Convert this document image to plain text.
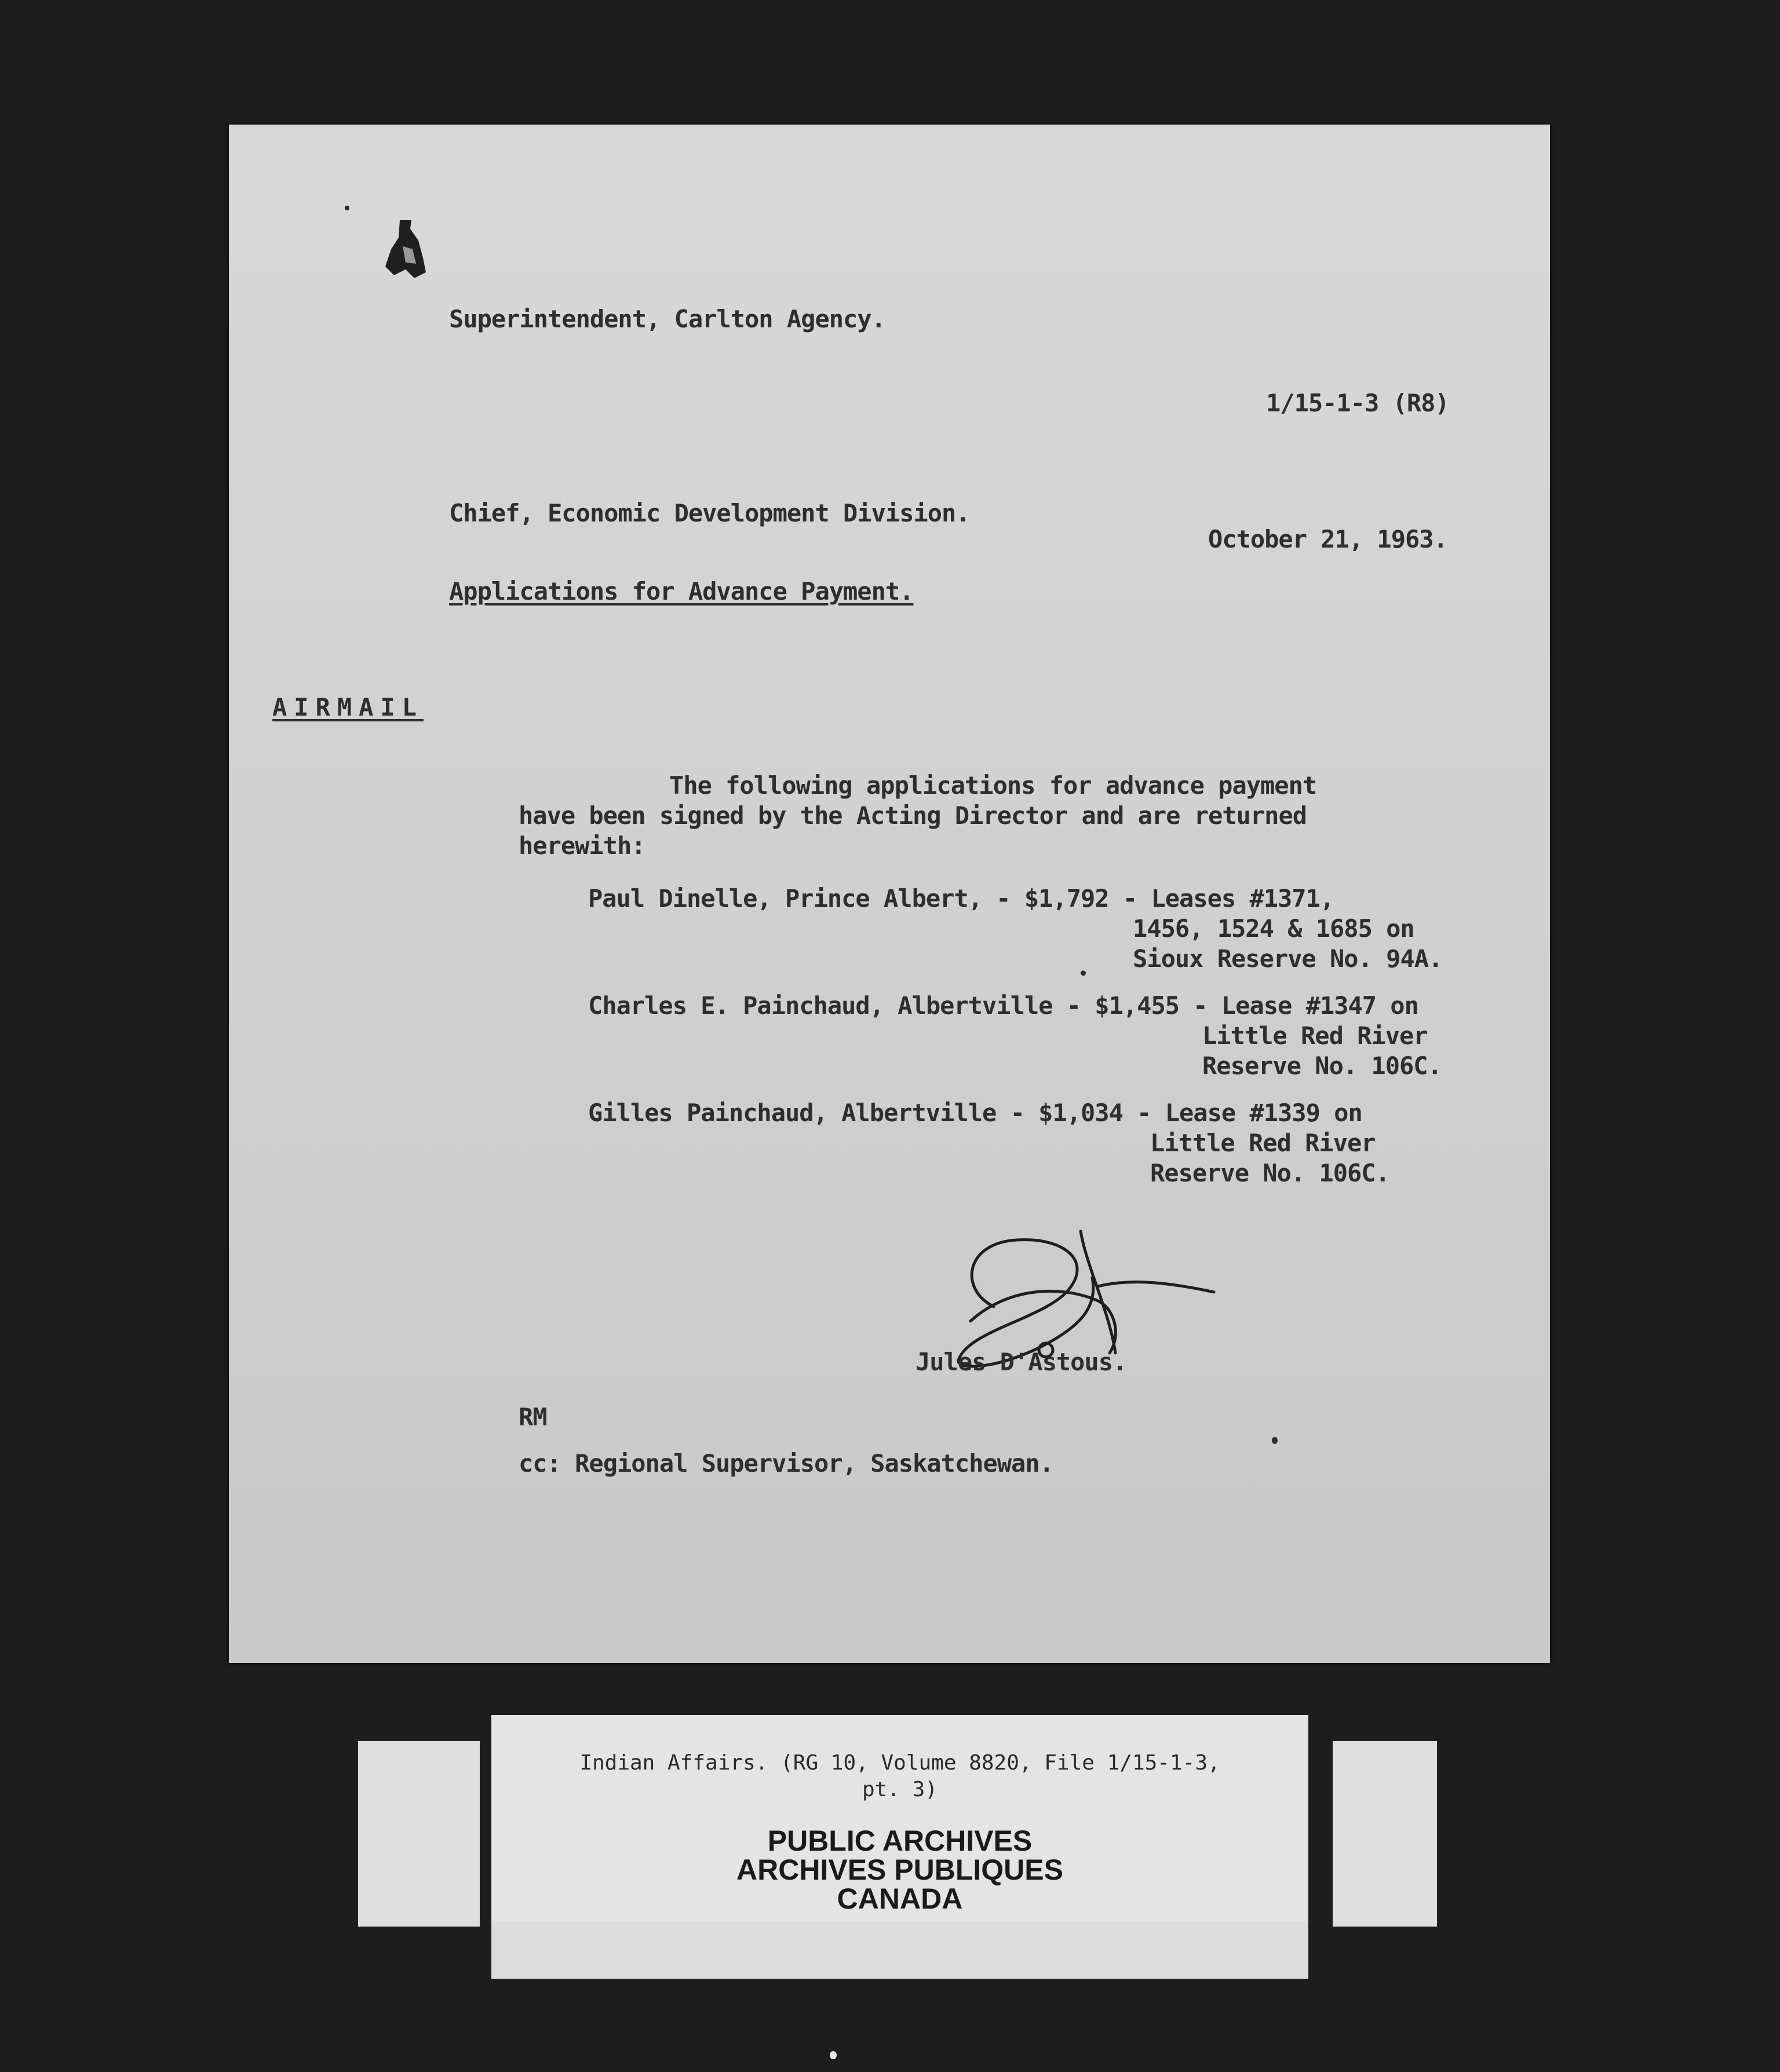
Superintendent, Carlton Agency.
1/15-1-3 (R8)
Chief, Economic Development Division.
October 21, 1963.
Applications for Advance Payment.
AIRMAIL
The following applications for advance payment
have been signed by the Acting Director and are returned
herewith:
Paul Dinelle, Prince Albert, - $1,792 - Leases #1371,
1456, 1524 & 1685 on
Sioux Reserve No. 94A.
Charles E. Painchaud, Albertville - $1,455 - Lease #1347 on
Little Red River
Reserve No. 106C.
Gilles Painchaud, Albertville - $1,034 - Lease #1339 on
Little Red River
Reserve No. 106C.
Jules D'Astous.
RM
cc: Regional Supervisor, Saskatchewan.
Indian Affairs. (RG 10, Volume 8820, File 1/15-1-3,
pt. 3)
PUBLIC ARCHIVES
ARCHIVES PUBLIQUES
CANADA
